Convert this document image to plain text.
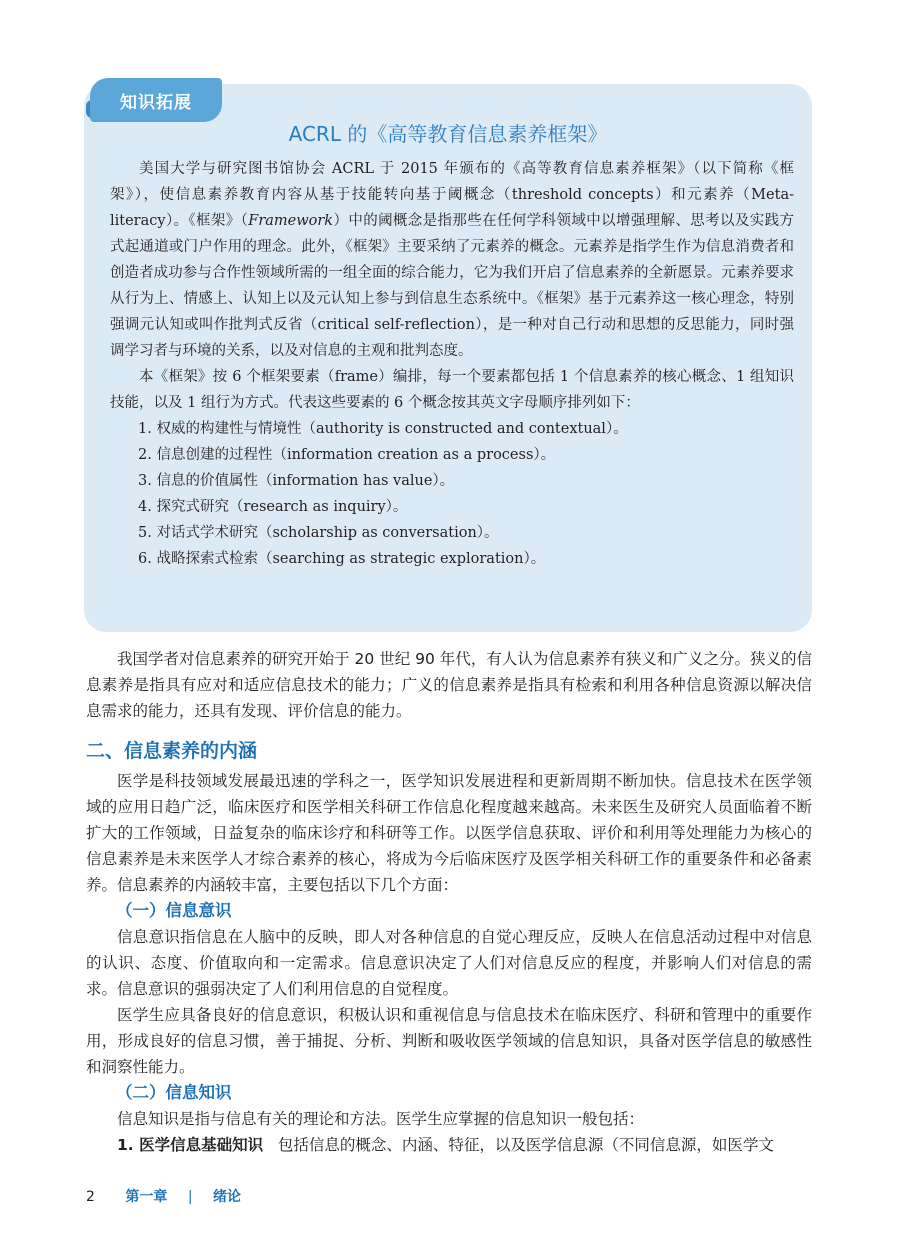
知识拓展
ACRL 的《高等教育信息素养框架》

美国大学与研究图书馆协会 ACRL 于 2015 年颁布的《高等教育信息素养框架》（以下简称《框架》），使信息素养教育内容从基于技能转向基于阈概念（threshold concepts）和元素养（Meta-literacy）。《框架》（Framework）中的阈概念是指那些在任何学科领域中以增强理解、思考以及实践方式起通道或门户作用的理念。此外，《框架》主要采纳了元素养的概念。元素养是指学生作为信息消费者和创造者成功参与合作性领域所需的一组全面的综合能力，它为我们开启了信息素养的全新愿景。元素养要求从行为上、情感上、认知上以及元认知上参与到信息生态系统中。《框架》基于元素养这一核心理念，特别强调元认知或叫作批判式反省（critical self-reflection），是一种对自己行动和思想的反思能力，同时强调学习者与环境的关系，以及对信息的主观和批判态度。

本《框架》按 6 个框架要素（frame）编排，每一个要素都包括 1 个信息素养的核心概念、1 组知识技能，以及 1 组行为方式。代表这些要素的 6 个概念按其英文字母顺序排列如下：

1. 权威的构建性与情境性（authority is constructed and contextual）。
2. 信息创建的过程性（information creation as a process）。
3. 信息的价值属性（information has value）。
4. 探究式研究（research as inquiry）。
5. 对话式学术研究（scholarship as conversation）。
6. 战略探索式检索（searching as strategic exploration）。

我国学者对信息素养的研究开始于 20 世纪 90 年代，有人认为信息素养有狭义和广义之分。狭义的信息素养是指具有应对和适应信息技术的能力；广义的信息素养是指具有检索和利用各种信息资源以解决信息需求的能力，还具有发现、评价信息的能力。

二、信息素养的内涵

医学是科技领域发展最迅速的学科之一，医学知识发展进程和更新周期不断加快。信息技术在医学领域的应用日趋广泛，临床医疗和医学相关科研工作信息化程度越来越高。未来医生及研究人员面临着不断扩大的工作领域，日益复杂的临床诊疗和科研等工作。以医学信息获取、评价和利用等处理能力为核心的信息素养是未来医学人才综合素养的核心，将成为今后临床医疗及医学相关科研工作的重要条件和必备素养。信息素养的内涵较丰富，主要包括以下几个方面：

（一）信息意识

信息意识指信息在人脑中的反映，即人对各种信息的自觉心理反应，反映人在信息活动过程中对信息的认识、态度、价值取向和一定需求。信息意识决定了人们对信息反应的程度，并影响人们对信息的需求。信息意识的强弱决定了人们利用信息的自觉程度。

医学生应具备良好的信息意识，积极认识和重视信息与信息技术在临床医疗、科研和管理中的重要作用，形成良好的信息习惯，善于捕捉、分析、判断和吸收医学领域的信息知识，具备对医学信息的敏感性和洞察性能力。

（二）信息知识

信息知识是指与信息有关的理论和方法。医学生应掌握的信息知识一般包括：

1. 医学信息基础知识 包括信息的概念、内涵、特征，以及医学信息源（不同信息源，如医学文

2 第一章 | 绪论
